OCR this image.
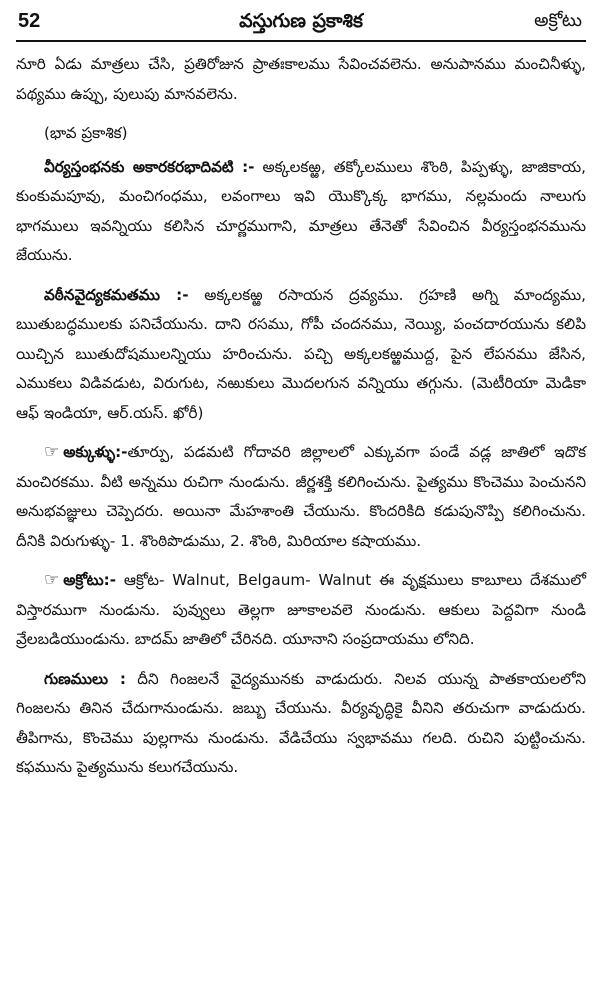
52	వస్తుగుణ ప్రకాశిక	అక్రోటు

నూరి ఏడు మాత్రలు చేసి, ప్రతిరోజున ప్రాతఃకాలము సేవించవలెను. అనుపానము మంచినీళ్ళు, పథ్యము ఉప్పు, పులుపు మానవలెను.

(భావ ప్రకాశిక)

వీర్యస్తంభనకు అకారకరభాదివటి :- అక్కలకఱ్ఱ, తక్కోలములు శొంఠి, పిప్పళ్ళు, జాజికాయ, కుంకుమపూవు, మంచిగంధము, లవంగాలు ఇవి యొక్కొక్క భాగము, నల్లమందు నాలుగు భాగములు ఇవన్నియు కలిసిన చూర్ణముగాని, మాత్రలు తేనెతో సేవించిన వీర్యస్తంభనమును జేయును.

వఠీనవైద్యకమతము :- అక్కలకఱ్ఱ రసాయన ద్రవ్యము. గ్రహణి అగ్ని మాంద్యము, ఋతుబద్ధములకు పనిచేయును. దాని రసము, గోపీ చందనము, నెయ్యి, పంచదారయును కలిపి యిచ్చిన ఋతుదోషములన్నియు హరించును. పచ్చి అక్కలకఱ్ఱముద్ద, పైన లేపనము జేసిన, ఎముకలు విడివడుట, విరుగుట, నఱుకులు మొదలగున వన్నియు తగ్గును. (మెటీరియా మెడికా ఆఫ్ ఇండియా, ఆర్.యస్. ఖోరీ)

☞ అక్కుళ్ళు:-తూర్పు, పడమటి గోదావరి జిల్లాలలో ఎక్కువగా పండే వడ్ల జాతిలో ఇదొక మంచిరకము. వీటి అన్నము రుచిగా నుండును. జీర్ణశక్తి కలిగించును. పైత్యము కొంచెము పెంచునని అనుభవజ్ఞులు చెప్పెదరు. అయినా మేహశాంతి చేయును. కొందరికిది కడుపునొప్పి కలిగించును. దీనికి విరుగుళ్ళు- 1. శొంఠిపొడుము, 2. శొంఠి, మిరియాల కషాయము.

☞ అక్రోటు:- ఆక్రోట- Walnut, Belgaum- Walnut ఈ వృక్షములు కాబూలు దేశములో విస్తారముగా నుండును. పువ్వులు తెల్లగా జూకాలవలె నుండును. ఆకులు పెద్దవిగా నుండి వ్రేలబడియుండును. బాదమ్ జాతిలో చేరినది. యూనాని సంప్రదాయము లోనిది.

గుణములు : దీని గింజలనే వైద్యమునకు వాడుదురు. నిలవ యున్న పాతకాయలలోని గింజలను తినిన చేదుగానుండును. జబ్బు చేయును. వీర్యవృద్ధికై వీనిని తరుచుగా వాడుదురు. తీపిగాను, కొంచెము పుల్లగాను నుండును. వేడిచేయు స్వభావము గలది. రుచిని పుట్టించును. కఫమును పైత్యమును కలుగచేయును.
